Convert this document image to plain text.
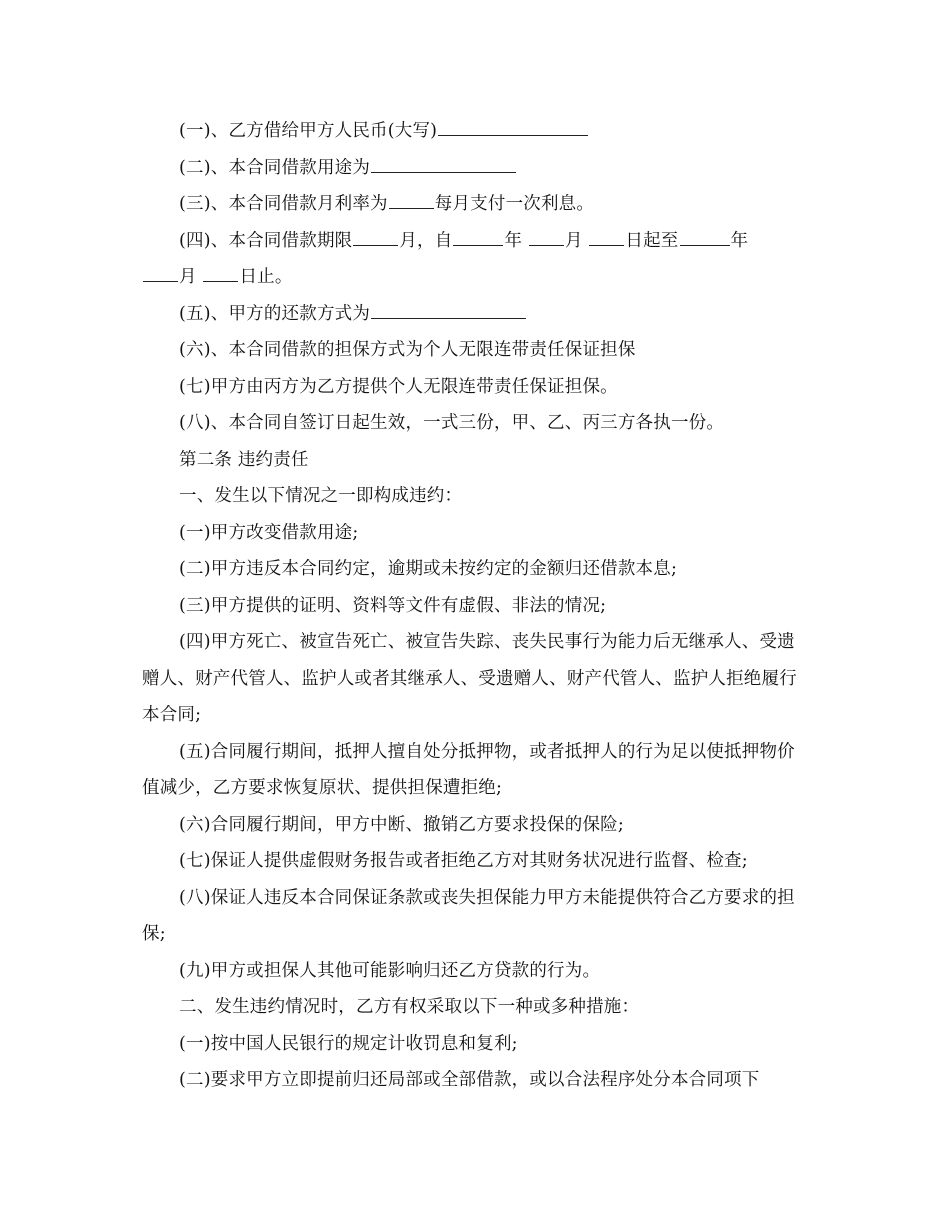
(一)、乙方借给甲方人民币(大写)

(二)、本合同借款用途为

(三)、本合同借款月利率为	每月支付一次利息。

(四)、本合同借款期限	月，自	年 月 日起至	年
月 日止。

(五)、甲方的还款方式为

(六)、本合同借款的担保方式为个人无限连带责任保证担保

(七)甲方由丙方为乙方提供个人无限连带责任保证担保。

(八)、本合同自签订日起生效，一式三份，甲、乙、丙三方各执一份。

第二条 违约责任

一、发生以下情况之一即构成违约：

(一)甲方改变借款用途;

(二)甲方违反本合同约定，逾期或未按约定的金额归还借款本息;

(三)甲方提供的证明、资料等文件有虚假、非法的情况;

(四)甲方死亡、被宣告死亡、被宣告失踪、丧失民事行为能力后无继承人、受遗赠人、财产代管人、监护人或者其继承人、受遗赠人、财产代管人、监护人拒绝履行本合同;

(五)合同履行期间，抵押人擅自处分抵押物，或者抵押人的行为足以使抵押物价值减少，乙方要求恢复原状、提供担保遭拒绝;

(六)合同履行期间，甲方中断、撤销乙方要求投保的保险;

(七)保证人提供虚假财务报告或者拒绝乙方对其财务状况进行监督、检查;

(八)保证人违反本合同保证条款或丧失担保能力甲方未能提供符合乙方要求的担保;

(九)甲方或担保人其他可能影响归还乙方贷款的行为。

二、发生违约情况时，乙方有权采取以下一种或多种措施：

(一)按中国人民银行的规定计收罚息和复利;

(二)要求甲方立即提前归还局部或全部借款，或以合法程序处分本合同项下
